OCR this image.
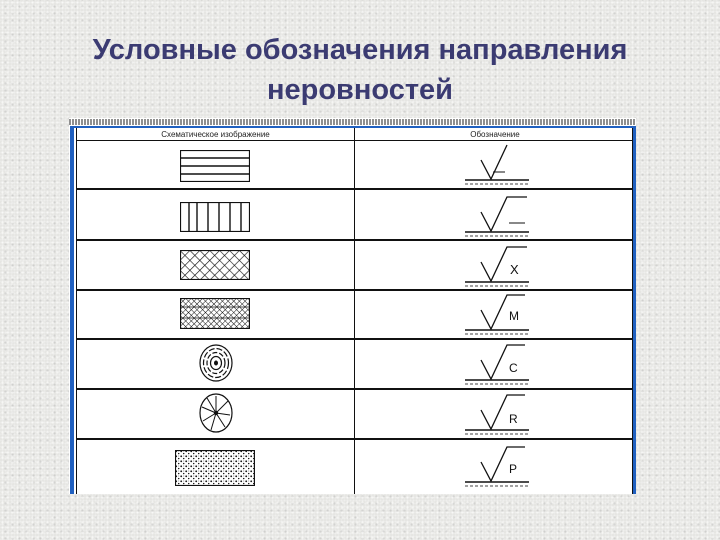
Условные обозначения направления
неровностей
Схематическое изображение	Обозначение
X
M
C
R
P
